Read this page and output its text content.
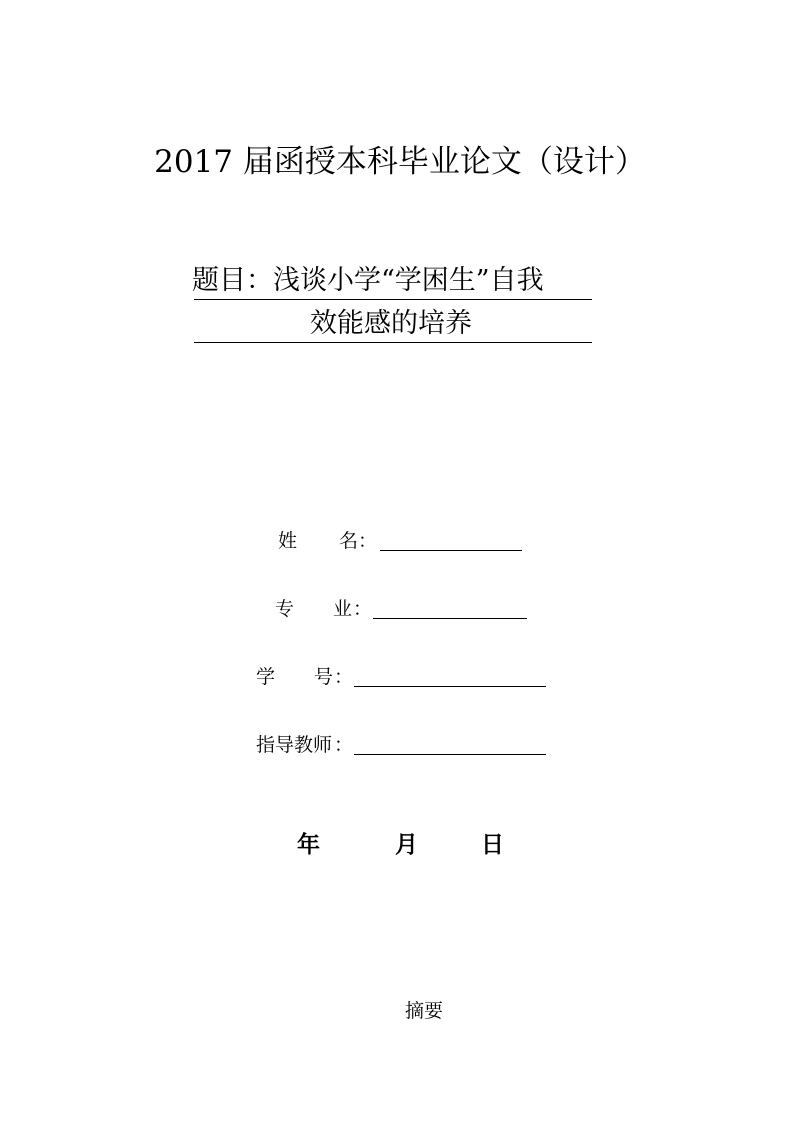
2017 届函授本科毕业论文（设计）
题目：浅谈小学“学困生”自我
效能感的培养
姓 名 ：
专 业 ：
学 号 ：
指导教师 ：
年	月	日
摘要
